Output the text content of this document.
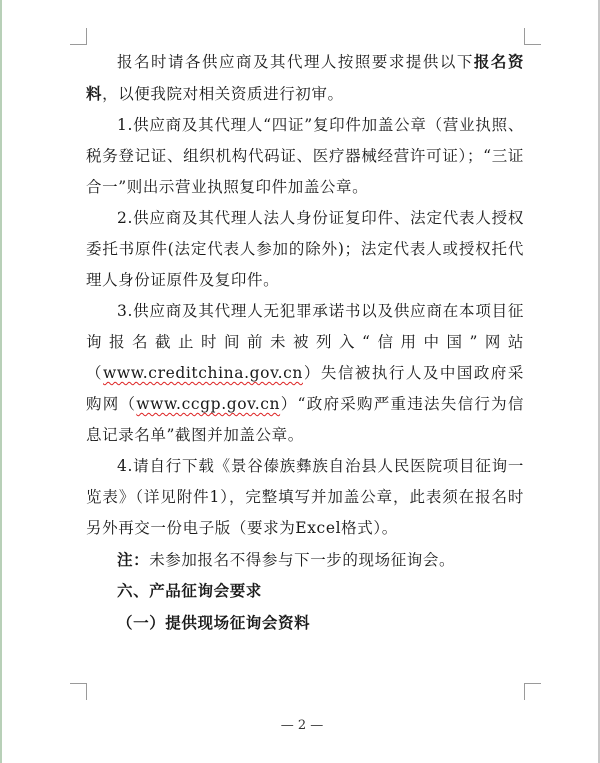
报名时请各供应商及其代理人按照要求提供以下报名资料，以便我院对相关资质进行初审。

1.供应商及其代理人“四证”复印件加盖公章（营业执照、税务登记证、组织机构代码证、医疗器械经营许可证）；“三证合一”则出示营业执照复印件加盖公章。

2.供应商及其代理人法人身份证复印件、法定代表人授权委托书原件(法定代表人参加的除外)；法定代表人或授权托代理人身份证原件及复印件。

3.供应商及其代理人无犯罪承诺书以及供应商在本项目征询报名截止时间前未被列入“信用中国”网站（www.creditchina.gov.cn）失信被执行人及中国政府采购网（www.ccgp.gov.cn）“政府采购严重违法失信行为信息记录名单”截图并加盖公章。

4.请自行下载《景谷傣族彝族自治县人民医院项目征询一览表》（详见附件1），完整填写并加盖公章，此表须在报名时另外再交一份电子版（要求为Excel格式）。

注：未参加报名不得参与下一步的现场征询会。

六、产品征询会要求

（一）提供现场征询会资料

— 2 —
